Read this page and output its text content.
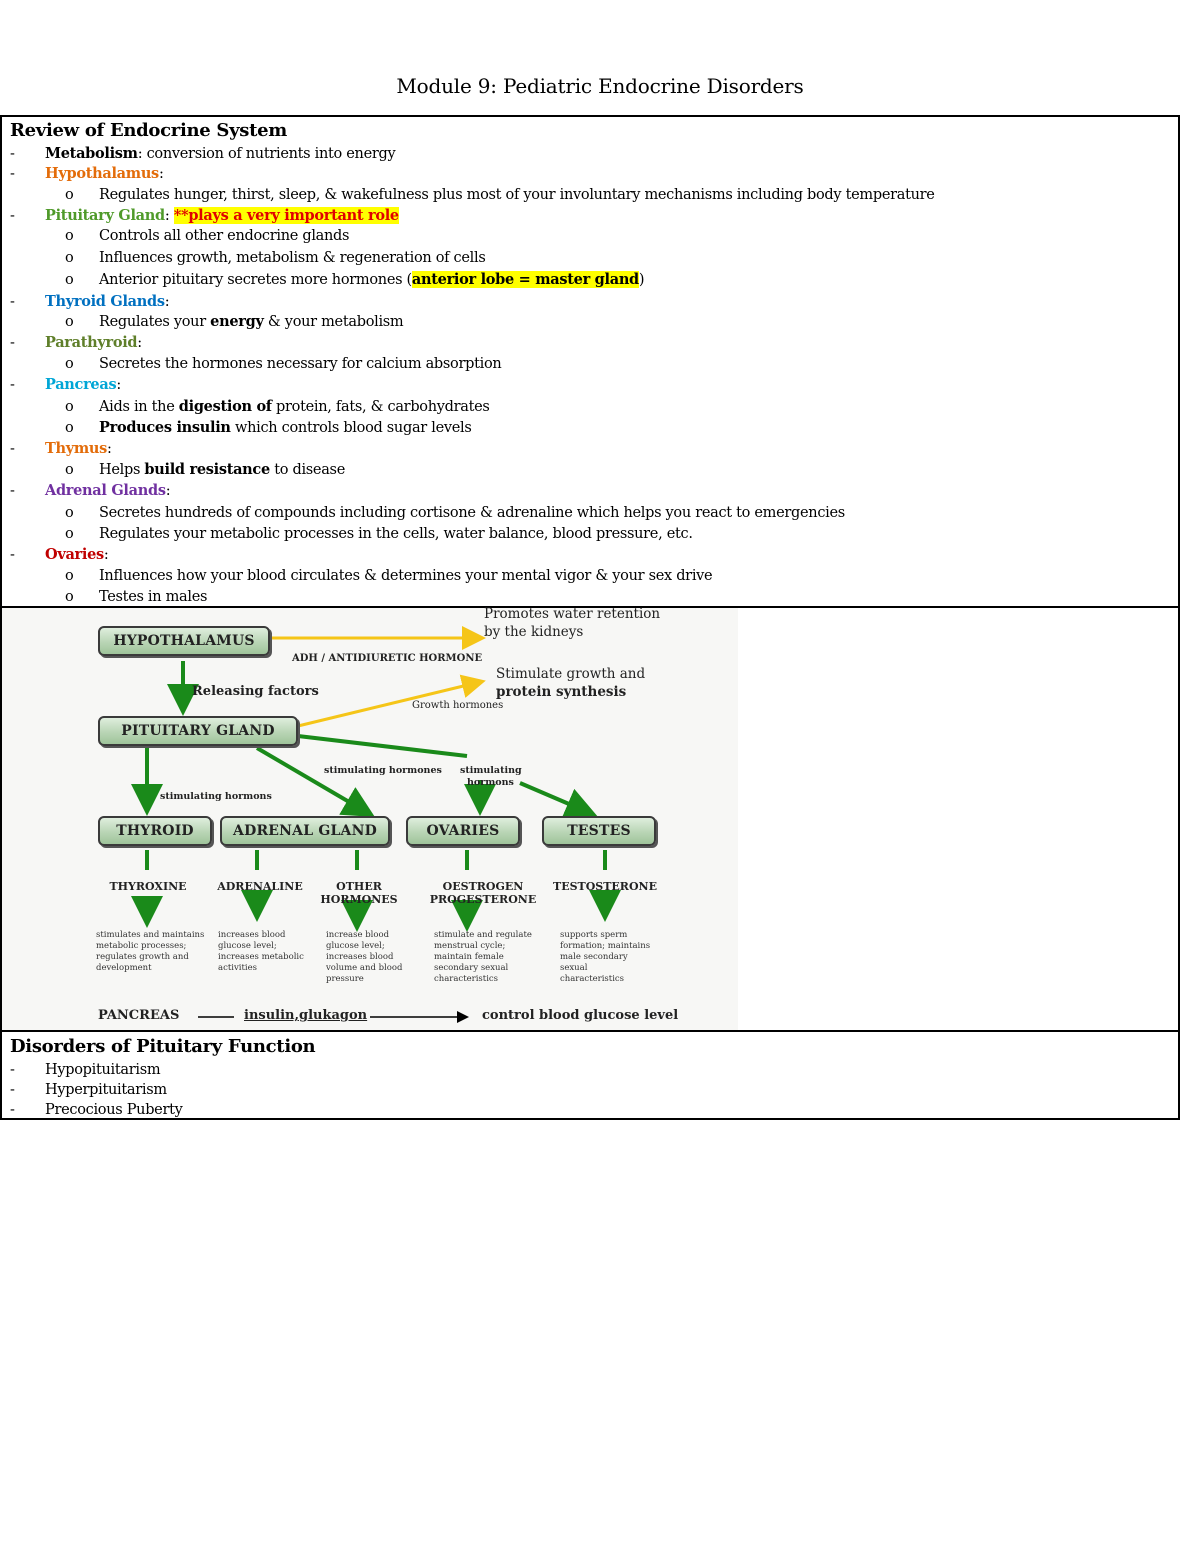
Module 9: Pediatric Endocrine Disorders
Review of Endocrine System
- Metabolism: conversion of nutrients into energy
- Hypothalamus:
o Regulates hunger, thirst, sleep, & wakefulness plus most of your involuntary mechanisms including body temperature
- Pituitary Gland: **plays a very important role
o Controls all other endocrine glands
o Influences growth, metabolism & regeneration of cells
o Anterior pituitary secretes more hormones (anterior lobe = master gland)
- Thyroid Glands:
o Regulates your energy & your metabolism
- Parathyroid:
o Secretes the hormones necessary for calcium absorption
- Pancreas:
o Aids in the digestion of protein, fats, & carbohydrates
o Produces insulin which controls blood sugar levels
- Thymus:
o Helps build resistance to disease
- Adrenal Glands:
o Secretes hundreds of compounds including cortisone & adrenaline which helps you react to emergencies
o Regulates your metabolic processes in the cells, water balance, blood pressure, etc.
- Ovaries:
o Influences how your blood circulates & determines your mental vigor & your sex drive
o Testes in males
HYPOTHALAMUS
PITUITARY GLAND
THYROID	ADRENAL GLAND	OVARIES	TESTES
ADH / ANTIDIURETIC HORMONE
Promotes water retention
by the kidneys
Releasing factors
Stimulate growth and
protein synthesis
Growth hormones
stimulating hormones stimulating
hormons
stimulating hormons
THYROXINE	ADRENALINE	OTHER HORMONES
OESTROGEN PROGESTERONE
TESTOSTERONE
stimulates and maintains metabolic processes; regulates growth and development
increases blood glucose level; increases metabolic activities
increase blood glucose level; increases blood volume and blood pressure
stimulate and regulate menstrual cycle; maintain female secondary sexual characteristics
supports sperm formation; maintains male secondary sexual characteristics
PANCREAS	insulin,glukagon	control blood glucose level
Disorders of Pituitary Function
- Hypopituitarism
- Hyperpituitarism
- Precocious Puberty
